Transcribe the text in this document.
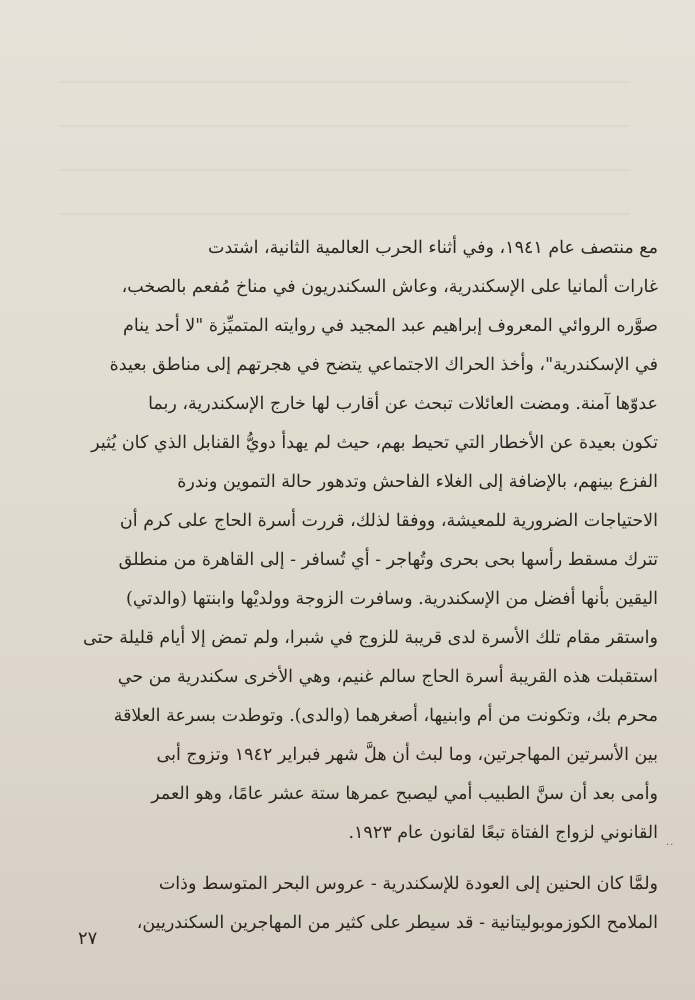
مع منتصف عام ١٩٤١، وفي أثناء الحرب العالمية الثانية، اشتدت
غارات ألمانيا على الإسكندرية، وعاش السكندريون في مناخ مُفعم بالصخب،
صوَّره الروائي المعروف إبراهيم عبد المجيد في روايته المتميِّزة "لا أحد ينام
في الإسكندرية"، وأخذ الحراك الاجتماعي يتضح في هجرتهم إلى مناطق بعيدة
عدوّها آمنة. ومضت العائلات تبحث عن أقارب لها خارج الإسكندرية، ربما
تكون بعيدة عن الأخطار التي تحيط بهم، حيث لم يهدأ دويُّ القنابل الذي كان يُثير
الفزع بينهم، بالإضافة إلى الغلاء الفاحش وتدهور حالة التموين وندرة
الاحتياجات الضرورية للمعيشة، ووفقا لذلك، قررت أسرة الحاج على كرم أن
تترك مسقط رأسها بحى بحرى وتُهاجر - أي تُسافر - إلى القاهرة من منطلق
اليقين بأنها أفضل من الإسكندرية. وسافرت الزوجة وولديْها وابنتها (والدتي)
واستقر مقام تلك الأسرة لدى قريبة للزوج في شبرا، ولم تمض إلا أيام قليلة حتى
استقبلت هذه القريبة أسرة الحاج سالم غنيم، وهي الأخرى سكندرية من حي
محرم بك، وتكونت من أم وابنيها، أصغرهما (والدى). وتوطدت بسرعة العلاقة
بين الأسرتين المهاجرتين، وما لبث أن هلَّ شهر فبراير ١٩٤٢ وتزوج أبى
وأمى بعد أن سنَّ الطبيب أمي ليصبح عمرها ستة عشر عامًا، وهو العمر
القانوني لزواج الفتاة تبعًا لقانون عام ١٩٢٣.
ولمَّا كان الحنين إلى العودة للإسكندرية - عروس البحر المتوسط وذات
الملامح الكوزموبوليتانية - قد سيطر على كثير من المهاجرين السكندريين،
··
٢٧
